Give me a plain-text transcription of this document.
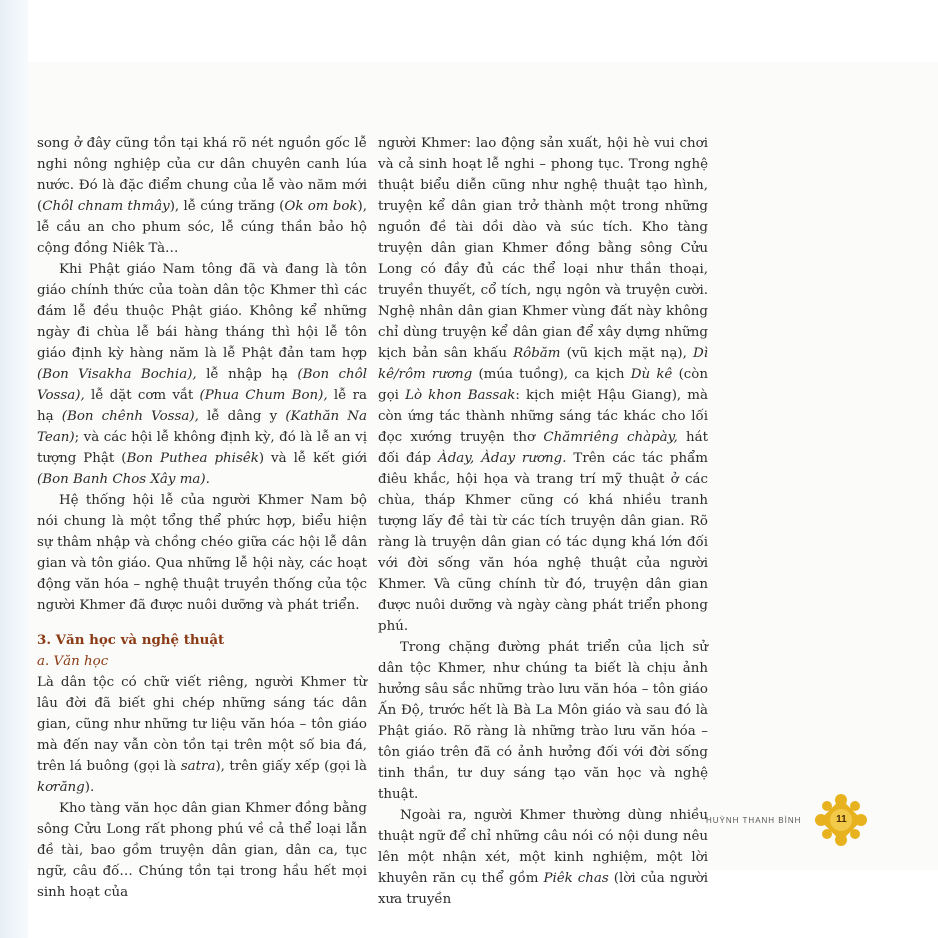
song ở đây cũng tồn tại khá rõ nét nguồn gốc lễ nghi nông nghiệp của cư dân chuyên canh lúa nước. Đó là đặc điểm chung của lễ vào năm mới (Chôl chnam thmây), lễ cúng trăng (Ok om bok), lễ cầu an cho phum sóc, lễ cúng thần bảo hộ cộng đồng Niêk Tà…

Khi Phật giáo Nam tông đã và đang là tôn giáo chính thức của toàn dân tộc Khmer thì các đám lễ đều thuộc Phật giáo. Không kể những ngày đi chùa lễ bái hàng tháng thì hội lễ tôn giáo định kỳ hàng năm là lễ Phật đản tam hợp (Bon Visakha Bochia), lễ nhập hạ (Bon chôl Vossa), lễ dặt cơm vắt (Phua Chum Bon), lễ ra hạ (Bon chênh Vossa), lễ dâng y (Kathăn Na Tean); và các hội lễ không định kỳ, đó là lễ an vị tượng Phật (Bon Puthea phisêk) và lễ kết giới (Bon Banh Chos Xây ma).

Hệ thống hội lễ của người Khmer Nam bộ nói chung là một tổng thể phức hợp, biểu hiện sự thâm nhập và chồng chéo giữa các hội lễ dân gian và tôn giáo. Qua những lễ hội này, các hoạt động văn hóa – nghệ thuật truyền thống của tộc người Khmer đã được nuôi dưỡng và phát triển.

3. Văn học và nghệ thuật

a. Văn học

Là dân tộc có chữ viết riêng, người Khmer từ lâu đời đã biết ghi chép những sáng tác dân gian, cũng như những tư liệu văn hóa – tôn giáo mà đến nay vẫn còn tồn tại trên một số bia đá, trên lá buông (gọi là satra), trên giấy xếp (gọi là kơrăng).

Kho tàng văn học dân gian Khmer đồng bằng sông Cửu Long rất phong phú về cả thể loại lẫn đề tài, bao gồm truyện dân gian, dân ca, tục ngữ, câu đố… Chúng tồn tại trong hầu hết mọi sinh hoạt của

người Khmer: lao động sản xuất, hội hè vui chơi và cả sinh hoạt lễ nghi – phong tục. Trong nghệ thuật biểu diễn cũng như nghệ thuật tạo hình, truyện kể dân gian trở thành một trong những nguồn đề tài dồi dào và súc tích. Kho tàng truyện dân gian Khmer đồng bằng sông Cửu Long có đầy đủ các thể loại như thần thoại, truyền thuyết, cổ tích, ngụ ngôn và truyện cười. Nghệ nhân dân gian Khmer vùng đất này không chỉ dùng truyện kể dân gian để xây dựng những kịch bản sân khấu Rôbăm (vũ kịch mặt nạ), Dì kê/rôm rương (múa tuồng), ca kịch Dù kê (còn gọi Lò khon Bassak: kịch miệt Hậu Giang), mà còn ứng tác thành những sáng tác khác cho lối đọc xướng truyện thơ Chămriêng chàpày, hát đối đáp Àday, Àday rương. Trên các tác phẩm điêu khắc, hội họa và trang trí mỹ thuật ở các chùa, tháp Khmer cũng có khá nhiều tranh tượng lấy đề tài từ các tích truyện dân gian. Rõ ràng là truyện dân gian có tác dụng khá lớn đối với đời sống văn hóa nghệ thuật của người Khmer. Và cũng chính từ đó, truyện dân gian được nuôi dưỡng và ngày càng phát triển phong phú.

Trong chặng đường phát triển của lịch sử dân tộc Khmer, như chúng ta biết là chịu ảnh hưởng sâu sắc những trào lưu văn hóa – tôn giáo Ấn Độ, trước hết là Bà La Môn giáo và sau đó là Phật giáo. Rõ ràng là những trào lưu văn hóa – tôn giáo trên đã có ảnh hưởng đối với đời sống tinh thần, tư duy sáng tạo văn học và nghệ thuật.

Ngoài ra, người Khmer thường dùng nhiều thuật ngữ để chỉ những câu nói có nội dung nêu lên một nhận xét, một kinh nghiệm, một lời khuyên răn cụ thể gồm Piêk chas (lời của người xưa truyền

HUỲNH THANH BÌNH	11
